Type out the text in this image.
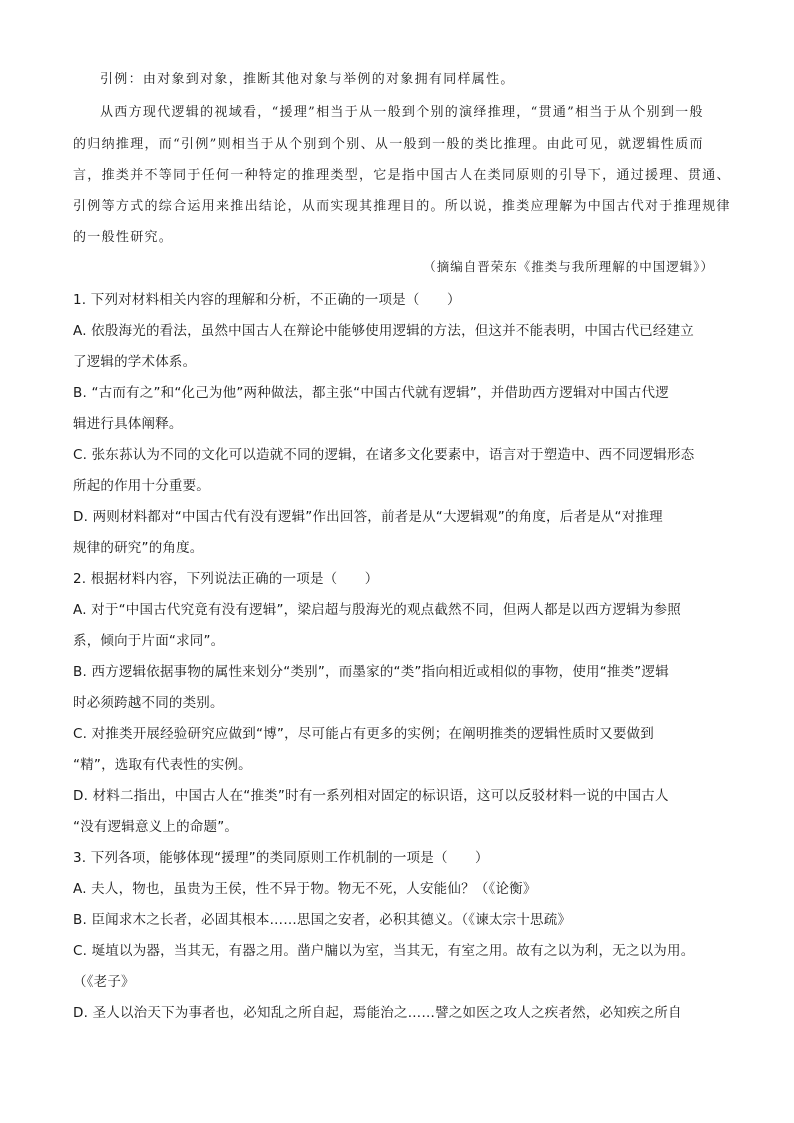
引例：由对象到对象，推断其他对象与举例的对象拥有同样属性。
从西方现代逻辑的视域看，“援理”相当于从一般到个别的演绎推理，“贯通”相当于从个别到一般
的归纳推理，而“引例”则相当于从个别到个别、从一般到一般的类比推理。由此可见，就逻辑性质而
言，推类并不等同于任何一种特定的推理类型，它是指中国古人在类同原则的引导下，通过援理、贯通、
引例等方式的综合运用来推出结论，从而实现其推理目的。所以说，推类应理解为中国古代对于推理规律
的一般性研究。
（摘编自晋荣东《推类与我所理解的中国逻辑》）
1. 下列对材料相关内容的理解和分析，不正确的一项是（　　）
A. 依殷海光的看法，虽然中国古人在辩论中能够使用逻辑的方法，但这并不能表明，中国古代已经建立
了逻辑的学术体系。
B. “古而有之”和“化己为他”两种做法，都主张“中国古代就有逻辑”，并借助西方逻辑对中国古代逻
辑进行具体阐释。
C. 张东荪认为不同的文化可以造就不同的逻辑，在诸多文化要素中，语言对于塑造中、西不同逻辑形态
所起的作用十分重要。
D. 两则材料都对“中国古代有没有逻辑”作出回答，前者是从“大逻辑观”的角度，后者是从“对推理
规律的研究”的角度。
2. 根据材料内容，下列说法正确的一项是（　　）
A. 对于“中国古代究竟有没有逻辑”，梁启超与殷海光的观点截然不同，但两人都是以西方逻辑为参照
系，倾向于片面“求同”。
B. 西方逻辑依据事物的属性来划分“类别”，而墨家的“类”指向相近或相似的事物，使用“推类”逻辑
时必须跨越不同的类别。
C. 对推类开展经验研究应做到“博”，尽可能占有更多的实例；在阐明推类的逻辑性质时又要做到
“精”，选取有代表性的实例。
D. 材料二指出，中国古人在“推类”时有一系列相对固定的标识语，这可以反驳材料一说的中国古人
“没有逻辑意义上的命题”。
3. 下列各项，能够体现“援理”的类同原则工作机制的一项是（　　）
A. 夫人，物也，虽贵为王侯，性不异于物。物无不死，人安能仙？（《论衡》
B. 臣闻求木之长者，必固其根本……思国之安者，必积其德义。（《谏太宗十思疏》
C. 埏埴以为器，当其无，有器之用。凿户牖以为室，当其无，有室之用。故有之以为利，无之以为用。
（《老子》
D. 圣人以治天下为事者也，必知乱之所自起，焉能治之……譬之如医之攻人之疾者然，必知疾之所自
